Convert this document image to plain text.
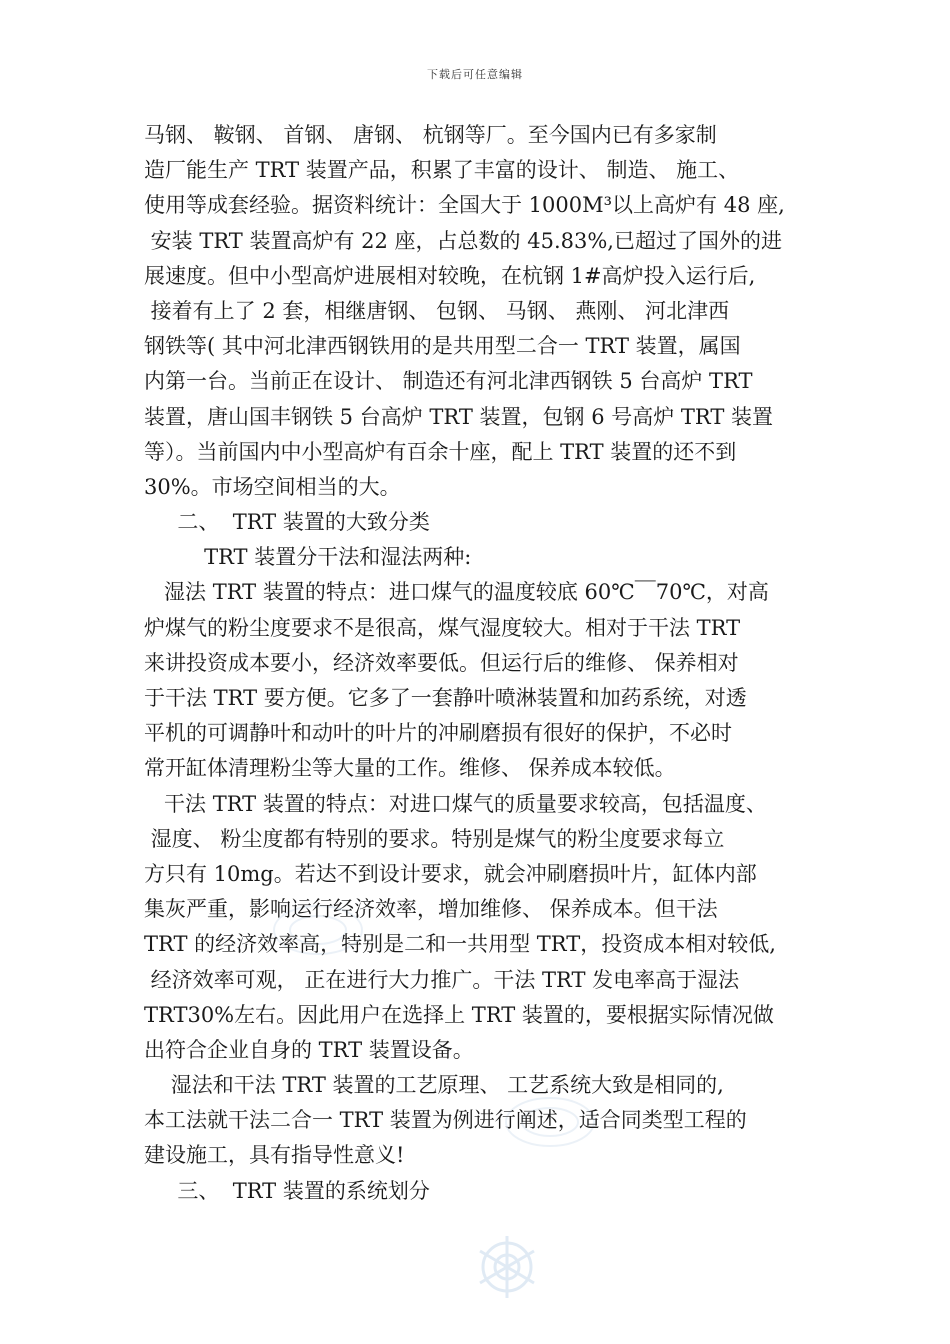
下载后可任意编辑
马钢、 鞍钢、 首钢、 唐钢、 杭钢等厂。至今国内已有多家制
造厂能生产 TRT 装置产品，积累了丰富的设计、 制造、 施工、
使用等成套经验。据资料统计：全国大于 1000M³以上高炉有 48 座,
安装 TRT 装置高炉有 22 座，占总数的 45.83%,已超过了国外的进
展速度。但中小型高炉进展相对较晚，在杭钢 1#高炉投入运行后,
接着有上了 2 套，相继唐钢、 包钢、 马钢、 燕刚、 河北津西
钢铁等( 其中河北津西钢铁用的是共用型二合一 TRT 装置，属国
内第一台。当前正在设计、 制造还有河北津西钢铁 5 台高炉 TRT
装置，唐山国丰钢铁 5 台高炉 TRT 装置，包钢 6 号高炉 TRT 装置
等）。当前国内中小型高炉有百余十座，配上 TRT 装置的还不到
30%。市场空间相当的大。
二、  TRT 装置的大致分类
TRT 装置分干法和湿法两种:
湿法 TRT 装置的特点：进口煤气的温度较底 60℃￣70℃，对高
炉煤气的粉尘度要求不是很高，煤气湿度较大。相对于干法 TRT
来讲投资成本要小，经济效率要低。但运行后的维修、 保养相对
于干法 TRT 要方便。它多了一套静叶喷淋装置和加药系统，对透
平机的可调静叶和动叶的叶片的冲刷磨损有很好的保护，不必时
常开缸体清理粉尘等大量的工作。维修、 保养成本较低。
干法 TRT 装置的特点：对进口煤气的质量要求较高，包括温度、
湿度、 粉尘度都有特别的要求。特别是煤气的粉尘度要求每立
方只有 10mg。若达不到设计要求，就会冲刷磨损叶片，缸体内部
集灰严重，影响运行经济效率，增加维修、 保养成本。但干法
TRT 的经济效率高，特别是二和一共用型 TRT，投资成本相对较低,
经济效率可观， 正在进行大力推广。干法 TRT 发电率高于湿法
TRT30%左右。因此用户在选择上 TRT 装置的，要根据实际情况做
出符合企业自身的 TRT 装置设备。
湿法和干法 TRT 装置的工艺原理、 工艺系统大致是相同的,
本工法就干法二合一 TRT 装置为例进行阐述，适合同类型工程的
建设施工，具有指导性意义!
三、  TRT 装置的系统划分
